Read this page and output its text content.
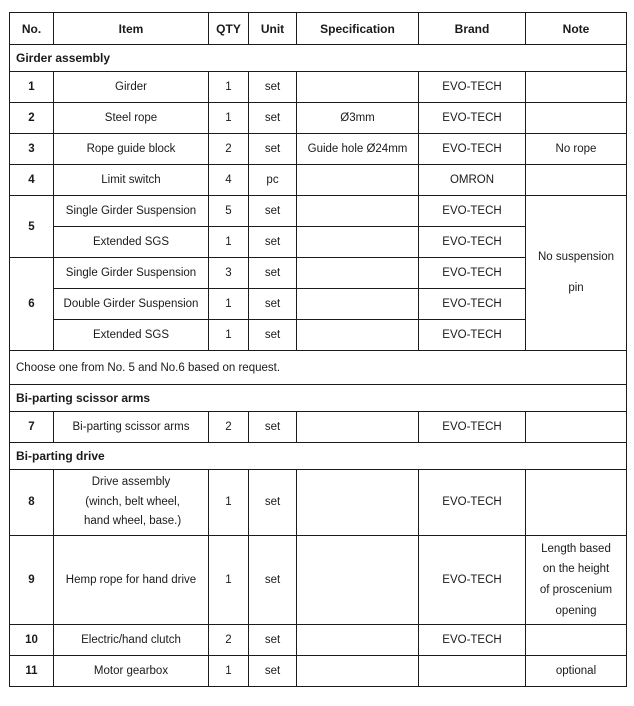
No.	Item	QTY	Unit	Specification	Brand	Note
Girder assembly						
1	Girder	1	set		EVO-TECH	
2	Steel rope	1	set	Ø3mm	EVO-TECH	
3	Rope guide block	2	set	Guide hole Ø24mm	EVO-TECH	No rope
4	Limit switch	4	pc		OMRON	
5	Single Girder Suspension	5	set		EVO-TECH	No suspension
pin
	Extended SGS	1	set		EVO-TECH	
6	Single Girder Suspension	3	set		EVO-TECH	
	Double Girder Suspension	1	set		EVO-TECH	
	Extended SGS	1	set		EVO-TECH	
Choose one from No. 5 and No.6 based on request.						
Bi-parting scissor arms						
7	Bi-parting scissor arms	2	set		EVO-TECH	
Bi-parting drive						
8	Drive assembly
(winch, belt wheel,
hand wheel, base.)	1	set		EVO-TECH	
9	Hemp rope for hand drive	1	set		EVO-TECH	Length based
on the height
of proscenium
opening
10	Electric/hand clutch	2	set		EVO-TECH	
11	Motor gearbox	1	set			optional
